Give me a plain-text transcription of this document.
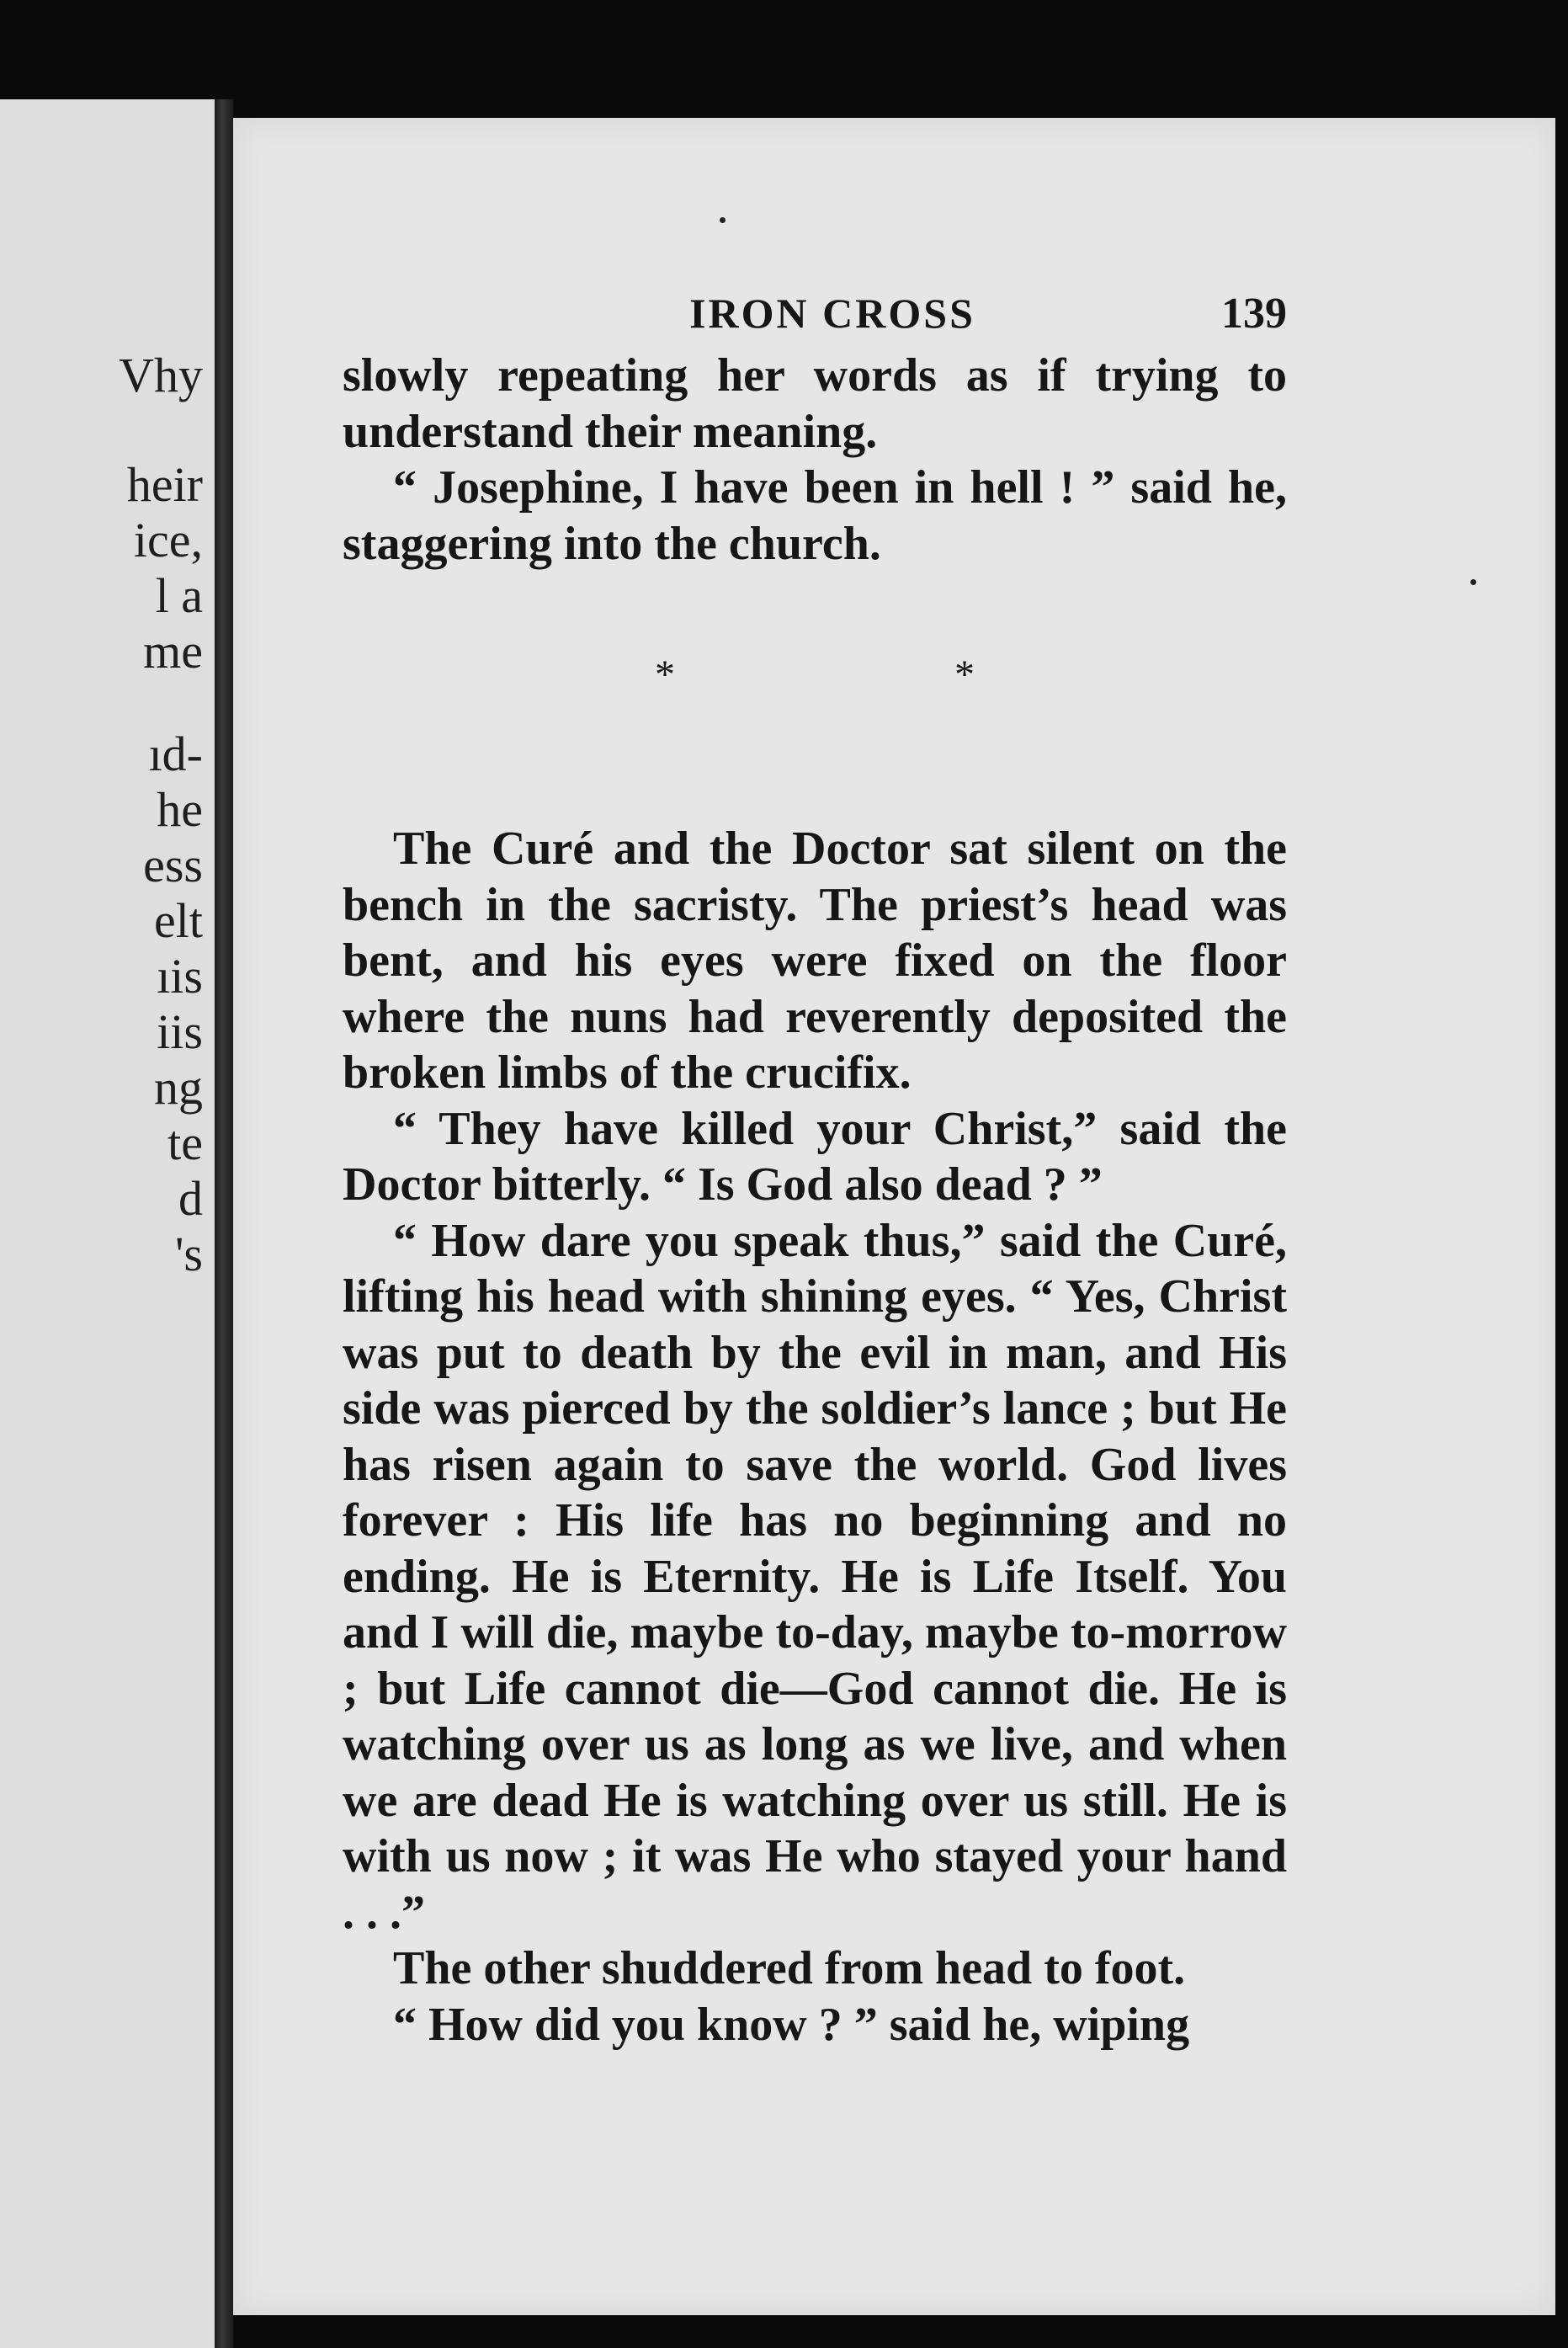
Vhy
heir
ice,
l a
me
ıd-
he
ess
elt
ıis
iis
ng
te
d
's
IRON CROSS	139

slowly repeating her words as if trying to understand their meaning.

“ Josephine, I have been in hell ! ” said he, staggering into the church.

* *

The Curé and the Doctor sat silent on the bench in the sacristy. The priest’s head was bent, and his eyes were fixed on the floor where the nuns had reverently deposited the broken limbs of the crucifix.

“ They have killed your Christ,” said the Doctor bitterly. “ Is God also dead ? ”

“ How dare you speak thus,” said the Curé, lifting his head with shining eyes. “ Yes, Christ was put to death by the evil in man, and His side was pierced by the soldier’s lance ; but He has risen again to save the world. God lives forever : His life has no beginning and no ending. He is Eternity. He is Life Itself. You and I will die, maybe to-day, maybe to-morrow ; but Life cannot die—God cannot die. He is watching over us as long as we live, and when we are dead He is watching over us still. He is with us now ; it was He who stayed your hand . . .”

The other shuddered from head to foot.

“ How did you know ? ” said he, wiping
